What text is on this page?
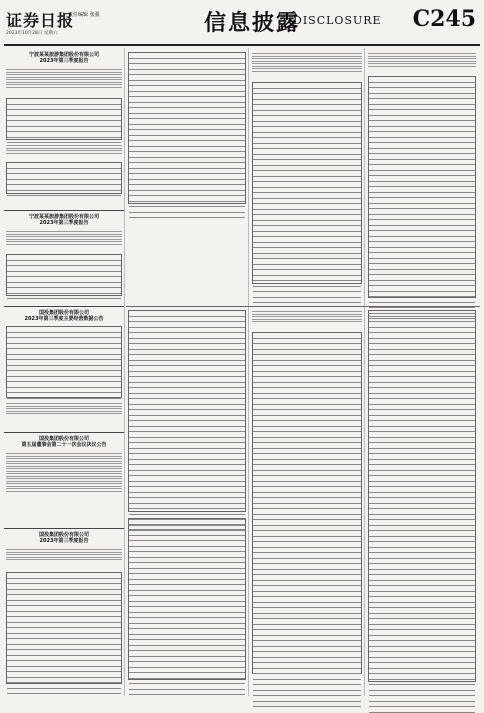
证券日报
责任编辑 张强
2023年10月28日 星期六	信息披露
DISCLOSURE C245
宁波某某旅游集团股份有限公司
2023年第三季度报告
宁波某某旅游集团股份有限公司
2023年第三季度报告
国投集团股份有限公司
2023年第三季度主要经营数据公告
国投集团股份有限公司
第五届董事会第二十一次会议决议公告
国投集团股份有限公司
2023年第三季度报告
